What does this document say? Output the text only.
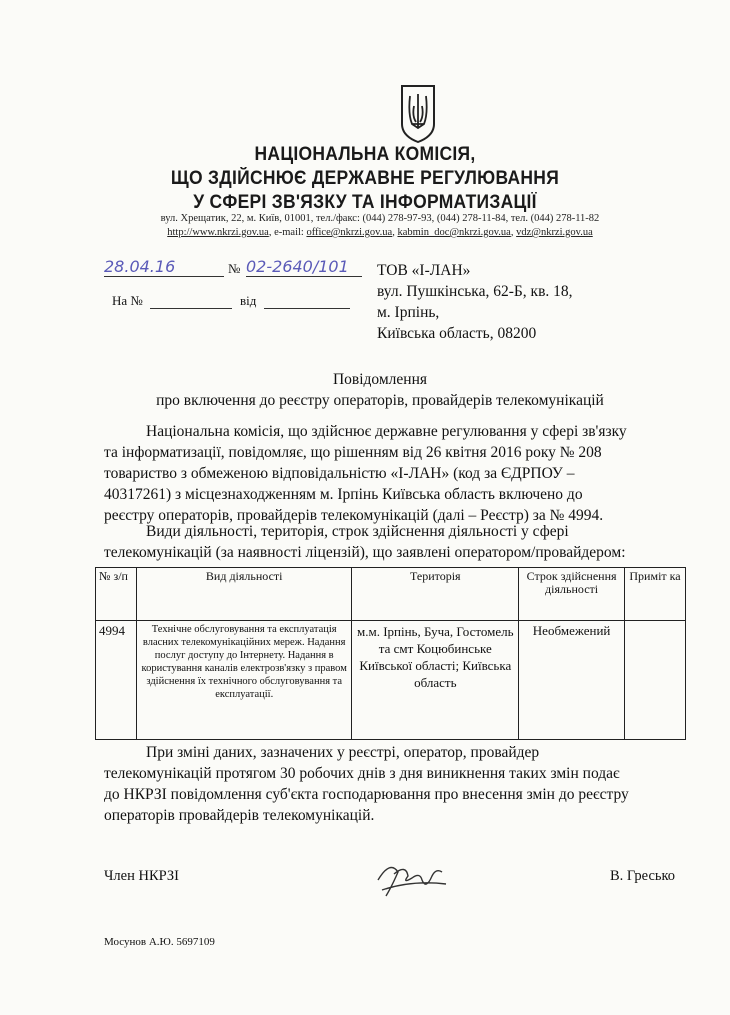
НАЦІОНАЛЬНА КОМІСІЯ,
ЩО ЗДІЙСНЮЄ ДЕРЖАВНЕ РЕГУЛЮВАННЯ
У СФЕРІ ЗВ'ЯЗКУ ТА ІНФОРМАТИЗАЦІЇ
вул. Хрещатик, 22, м. Київ, 01001, тел./факс: (044) 278-97-93, (044) 278-11-84, тел. (044) 278-11-82
http://www.nkrzi.gov.ua, e-mail: office@nkrzi.gov.ua, kabmin_doc@nkrzi.gov.ua, vdz@nkrzi.gov.ua
28.04.16	№ 02-2640/101
На №	від
ТОВ «І-ЛАН»
вул. Пушкінська, 62-Б, кв. 18,
м. Ірпінь,
Київська область, 08200
Повідомлення
про включення до реєстру операторів, провайдерів телекомунікацій
Національна комісія, що здійснює державне регулювання у сфері зв'язку
та інформатизації, повідомляє, що рішенням від 26 квітня 2016 року № 208
товариство з обмеженою відповідальністю «І-ЛАН» (код за ЄДРПОУ –
40317261) з місцезнаходженням м. Ірпінь Київська область включено до
реєстру операторів, провайдерів телекомунікацій (далі – Реєстр) за № 4994.
Види діяльності, територія, строк здійснення діяльності у сфері
телекомунікацій (за наявності ліцензій), що заявлені оператором/провайдером:
№ з/п	Вид діяльності	Територія	Строк здійснення діяльності	Приміт ка
4994	Технічне обслуговування та експлуатація власних телекомунікаційних мереж. Надання послуг доступу до Інтернету. Надання в користування каналів електрозв'язку з правом здійснення їх технічного обслуговування та експлуатації.	м.м. Ірпінь, Буча, Гостомель та смт Коцюбинське Київської області; Київська область	Необмежений	
При зміні даних, зазначених у реєстрі, оператор, провайдер
телекомунікацій протягом 30 робочих днів з дня виникнення таких змін подає
до НКРЗІ повідомлення суб'єкта господарювання про внесення змін до реєстру
операторів провайдерів телекомунікацій.
Член НКРЗІ	В. Гресько
Мосунов А.Ю. 5697109
